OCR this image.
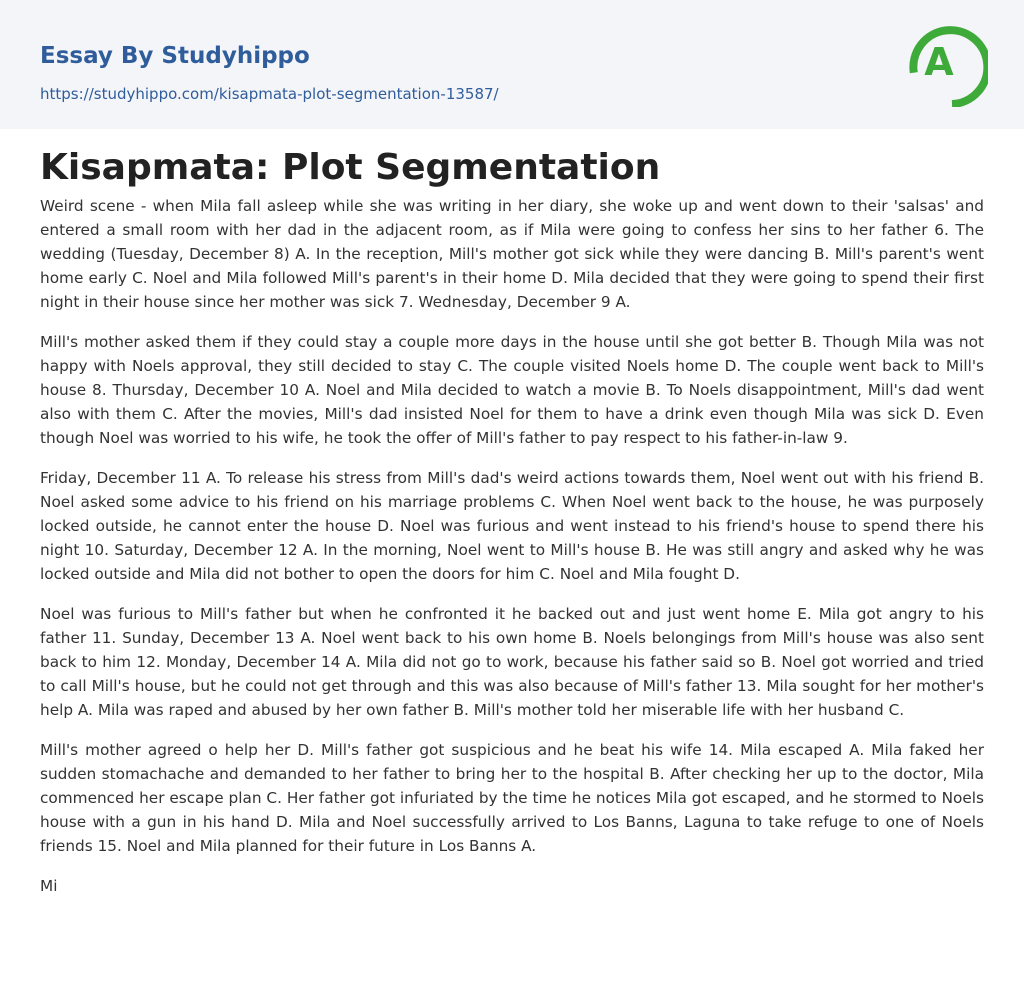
Essay By Studyhippo
https://studyhippo.com/kisapmata-plot-segmentation-13587/
A
Kisapmata: Plot Segmentation

Weird scene - when Mila fall asleep while she was writing in her diary, she woke up and went down to their 'salsas' and entered a small room with her dad in the adjacent room, as if Mila were going to confess her sins to her father 6. The wedding (Tuesday, December 8) A. In the reception, Mill's mother got sick while they were dancing B. Mill's parent's went home early C. Noel and Mila followed Mill's parent's in their home D. Mila decided that they were going to spend their first night in their house since her mother was sick 7. Wednesday, December 9 A.

Mill's mother asked them if they could stay a couple more days in the house until she got better B. Though Mila was not happy with Noels approval, they still decided to stay C. The couple visited Noels home D. The couple went back to Mill's house 8. Thursday, December 10 A. Noel and Mila decided to watch a movie B. To Noels disappointment, Mill's dad went also with them C. After the movies, Mill's dad insisted Noel for them to have a drink even though Mila was sick D. Even though Noel was worried to his wife, he took the offer of Mill's father to pay respect to his father-in-law 9.

Friday, December 11 A. To release his stress from Mill's dad's weird actions towards them, Noel went out with his friend B. Noel asked some advice to his friend on his marriage problems C. When Noel went back to the house, he was purposely locked outside, he cannot enter the house D. Noel was furious and went instead to his friend's house to spend there his night 10. Saturday, December 12 A. In the morning, Noel went to Mill's house B. He was still angry and asked why he was locked outside and Mila did not bother to open the doors for him C. Noel and Mila fought D.

Noel was furious to Mill's father but when he confronted it he backed out and just went home E. Mila got angry to his father 11. Sunday, December 13 A. Noel went back to his own home B. Noels belongings from Mill's house was also sent back to him 12. Monday, December 14 A. Mila did not go to work, because his father said so B. Noel got worried and tried to call Mill's house, but he could not get through and this was also because of Mill's father 13. Mila sought for her mother's help A. Mila was raped and abused by her own father B. Mill's mother told her miserable life with her husband C.

Mill's mother agreed o help her D. Mill's father got suspicious and he beat his wife 14. Mila escaped A. Mila faked her sudden stomachache and demanded to her father to bring her to the hospital B. After checking her up to the doctor, Mila commenced her escape plan C. Her father got infuriated by the time he notices Mila got escaped, and he stormed to Noels house with a gun in his hand D. Mila and Noel successfully arrived to Los Banns, Laguna to take refuge to one of Noels friends 15. Noel and Mila planned for their future in Los Banns A.

Mi
